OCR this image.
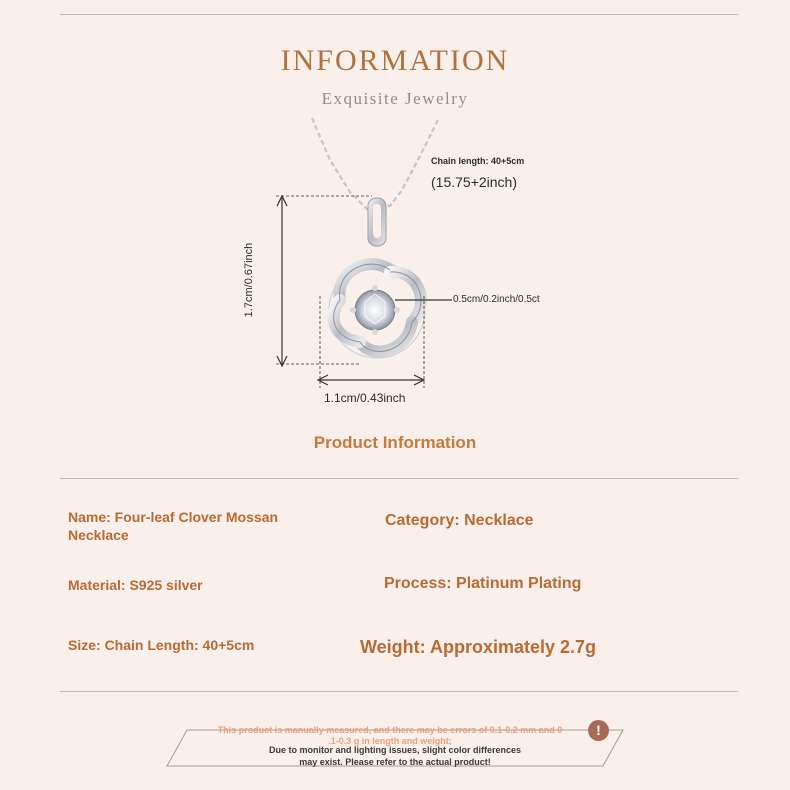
INFORMATION
Exquisite Jewelry
Chain length: 40+5cm
(15.75+2inch)
1.7cm/0.67inch	0.5cm/0.2inch/0.5ct
1.1cm/0.43inch
Product Information
Name: Four-leaf Clover Mossan
Necklace
Category: Necklace
Material: S925 silver	Process: Platinum Plating
Size: Chain Length: 40+5cm	Weight: Approximately 2.7g
This product is manually measured, and there may be errors of 0.1-0.2 mm and 0
.1-0.3 g in length and weight;
Due to monitor and lighting issues, slight color differences
may exist. Please refer to the actual product!
!
